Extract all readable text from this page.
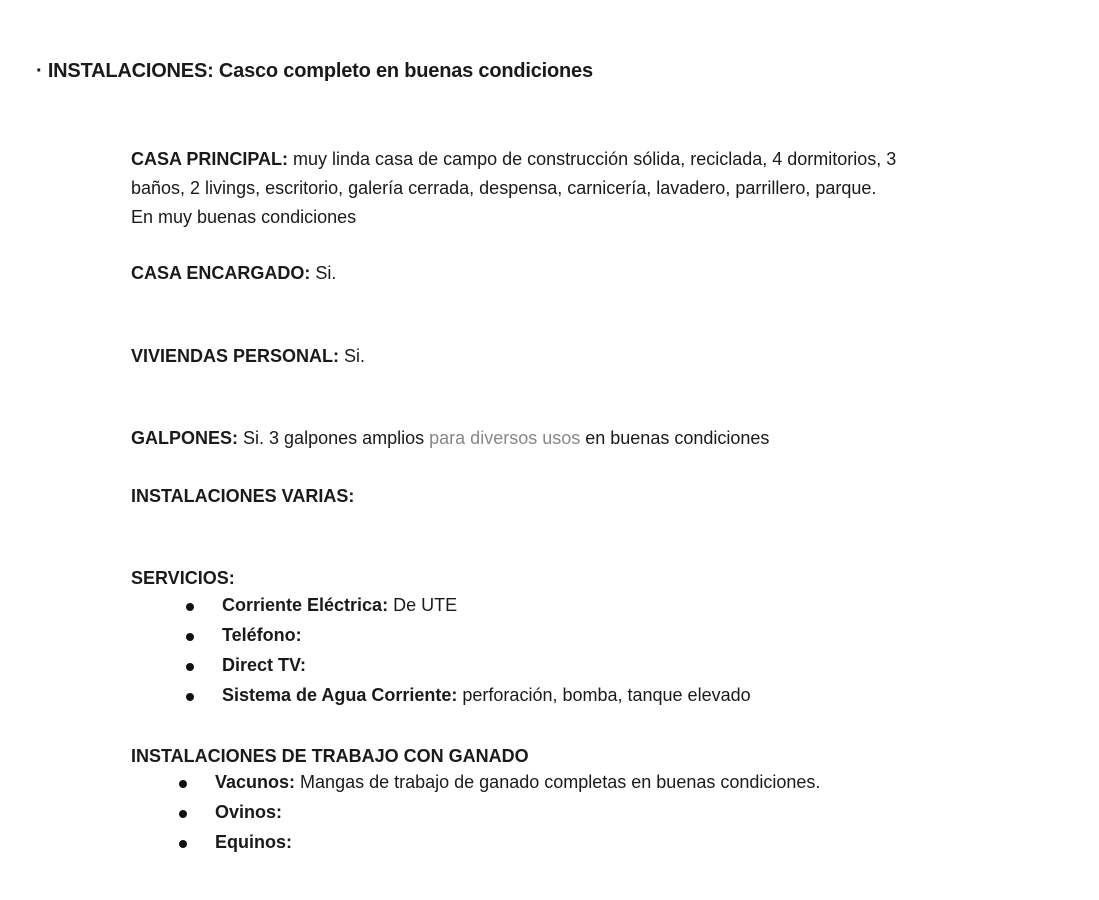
· INSTALACIONES: Casco completo en buenas condiciones
CASA PRINCIPAL: muy linda casa de campo de construcción sólida, reciclada, 4 dormitorios, 3
baños, 2 livings, escritorio, galería cerrada, despensa, carnicería, lavadero, parrillero, parque.
En muy buenas condiciones
CASA ENCARGADO: Si.
VIVIENDAS PERSONAL: Si.
GALPONES: Si. 3 galpones amplios para diversos usos en buenas condiciones
INSTALACIONES VARIAS:
SERVICIOS:
Corriente Eléctrica: De UTE
Teléfono:
Direct TV:
Sistema de Agua Corriente: perforación, bomba, tanque elevado
INSTALACIONES DE TRABAJO CON GANADO
Vacunos: Mangas de trabajo de ganado completas en buenas condiciones.
Ovinos:
Equinos:
